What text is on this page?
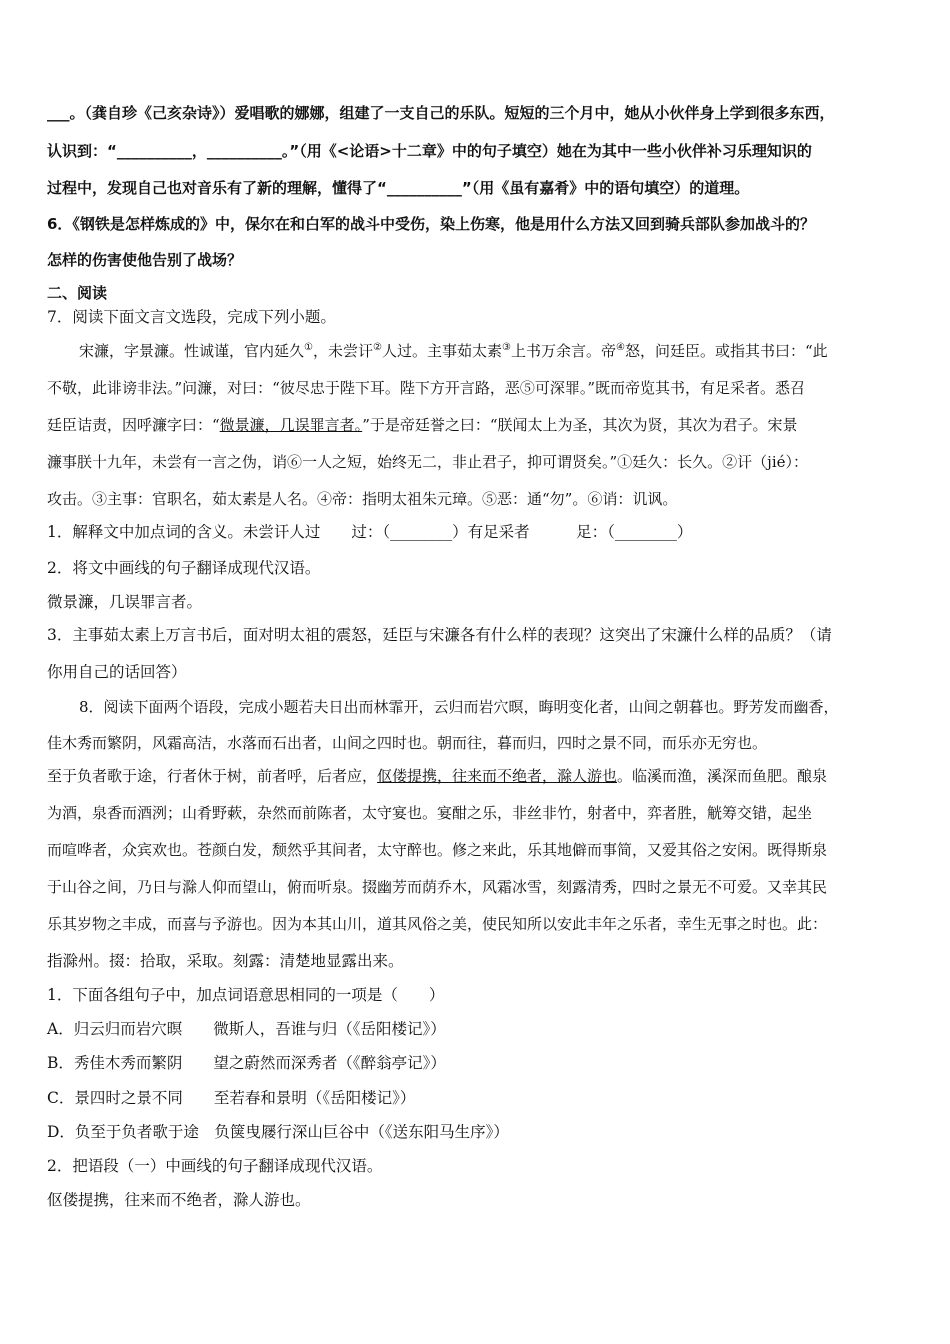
___。（龚自珍《己亥杂诗》）爱唱歌的娜娜，组建了一支自己的乐队。短短的三个月中，她从小伙伴身上学到很多东西，
认识到：“__________，__________。”（用《<论语>十二章》中的句子填空）她在为其中一些小伙伴补习乐理知识的
过程中，发现自己也对音乐有了新的理解，懂得了“__________”（用《虽有嘉肴》中的语句填空）的道理。
6．《钢铁是怎样炼成的》中，保尔在和白军的战斗中受伤，染上伤寒，他是用什么方法又回到骑兵部队参加战斗的？
怎样的伤害使他告别了战场？
二、阅读
7．阅读下面文言文选段，完成下列小题。
宋濂，字景濂。性诚谨，官内延久①，未尝讦②人过。主事茹太素③上书万余言。帝④怒，问廷臣。或指其书曰：“此
不敬，此诽谤非法。”问濂，对曰：“彼尽忠于陛下耳。陛下方开言路，恶⑤可深罪。”既而帝览其书，有足采者。悉召
廷臣诘责，因呼濂字曰：“微景濂，几误罪言者。”于是帝廷誉之曰：“朕闻太上为圣，其次为贤，其次为君子。宋景
濂事朕十九年，未尝有一言之伪，诮⑥一人之短，始终无二，非止君子，抑可谓贤矣。”①廷久：长久。②讦（jié）：
攻击。③主事：官职名，茹太素是人名。④帝：指明太祖朱元璋。⑤恶：通“勿”。⑥诮：讥讽。
1．解释文中加点词的含义。未尝讦人过　　过：（________）有足采者　　　足：（________）
2．将文中画线的句子翻译成现代汉语。
微景濂，几误罪言者。
3．主事茹太素上万言书后，面对明太祖的震怒，廷臣与宋濂各有什么样的表现？这突出了宋濂什么样的品质？（请
你用自己的话回答）
8．阅读下面两个语段，完成小题若夫日出而林霏开，云归而岩穴暝，晦明变化者，山间之朝暮也。野芳发而幽香，
佳木秀而繁阴，风霜高洁，水落而石出者，山间之四时也。朝而往，暮而归，四时之景不同，而乐亦无穷也。
至于负者歌于途，行者休于树，前者呼，后者应，伛偻提携，往来而不绝者，滁人游也。临溪而渔，溪深而鱼肥。酿泉
为酒，泉香而酒洌；山肴野蔌，杂然而前陈者，太守宴也。宴酣之乐，非丝非竹，射者中，弈者胜，觥筹交错，起坐
而喧哗者，众宾欢也。苍颜白发，颓然乎其间者，太守醉也。修之来此，乐其地僻而事简，又爱其俗之安闲。既得斯泉
于山谷之间，乃日与滁人仰而望山，俯而听泉。掇幽芳而荫乔木，风霜冰雪，刻露清秀，四时之景无不可爱。又幸其民
乐其岁物之丰成，而喜与予游也。因为本其山川，道其风俗之美，使民知所以安此丰年之乐者，幸生无事之时也。此：
指滁州。掇：拾取，采取。刻露：清楚地显露出来。
1．下面各组句子中，加点词语意思相同的一项是（　　）
A．归云归而岩穴暝　　微斯人，吾谁与归（《岳阳楼记》）
B．秀佳木秀而繁阴　　望之蔚然而深秀者（《醉翁亭记》）
C．景四时之景不同　　至若春和景明（《岳阳楼记》）
D．负至于负者歌于途　负箧曳屦行深山巨谷中（《送东阳马生序》）
2．把语段（一）中画线的句子翻译成现代汉语。
伛偻提携，往来而不绝者，滁人游也。
